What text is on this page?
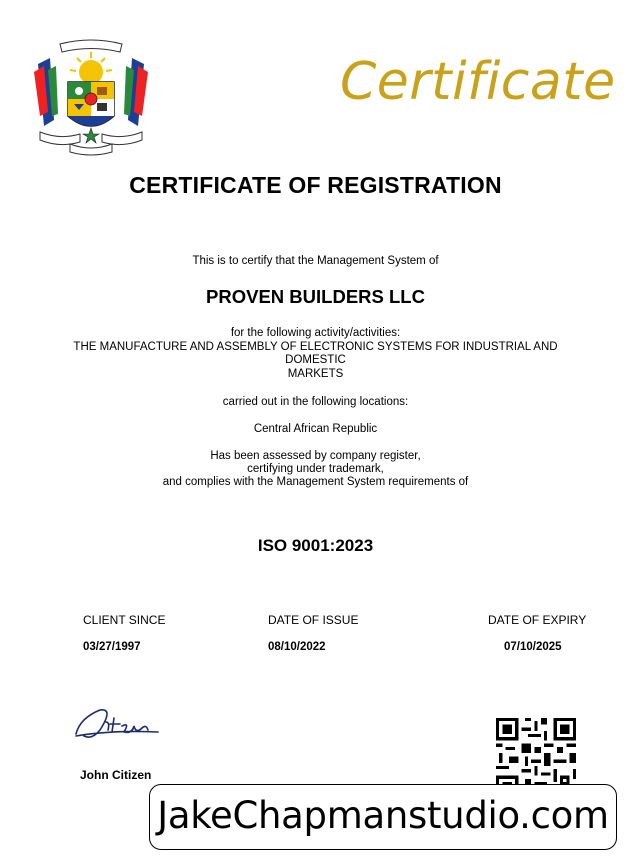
Certificate
CERTIFICATE OF REGISTRATION
This is to certify that the Management System of
PROVEN BUILDERS LLC
for the following activity/activities:
THE MANUFACTURE AND ASSEMBLY OF ELECTRONIC SYSTEMS FOR INDUSTRIAL AND
DOMESTIC
MARKETS
carried out in the following locations:
Central African Republic
Has been assessed by company register,
certifying under trademark,
and complies with the Management System requirements of
ISO 9001:2023
CLIENT SINCE	DATE OF ISSUE	DATE OF EXPIRY
03/27/1997	08/10/2022	07/10/2025
John Citizen
JakeChapmanstudio.com
